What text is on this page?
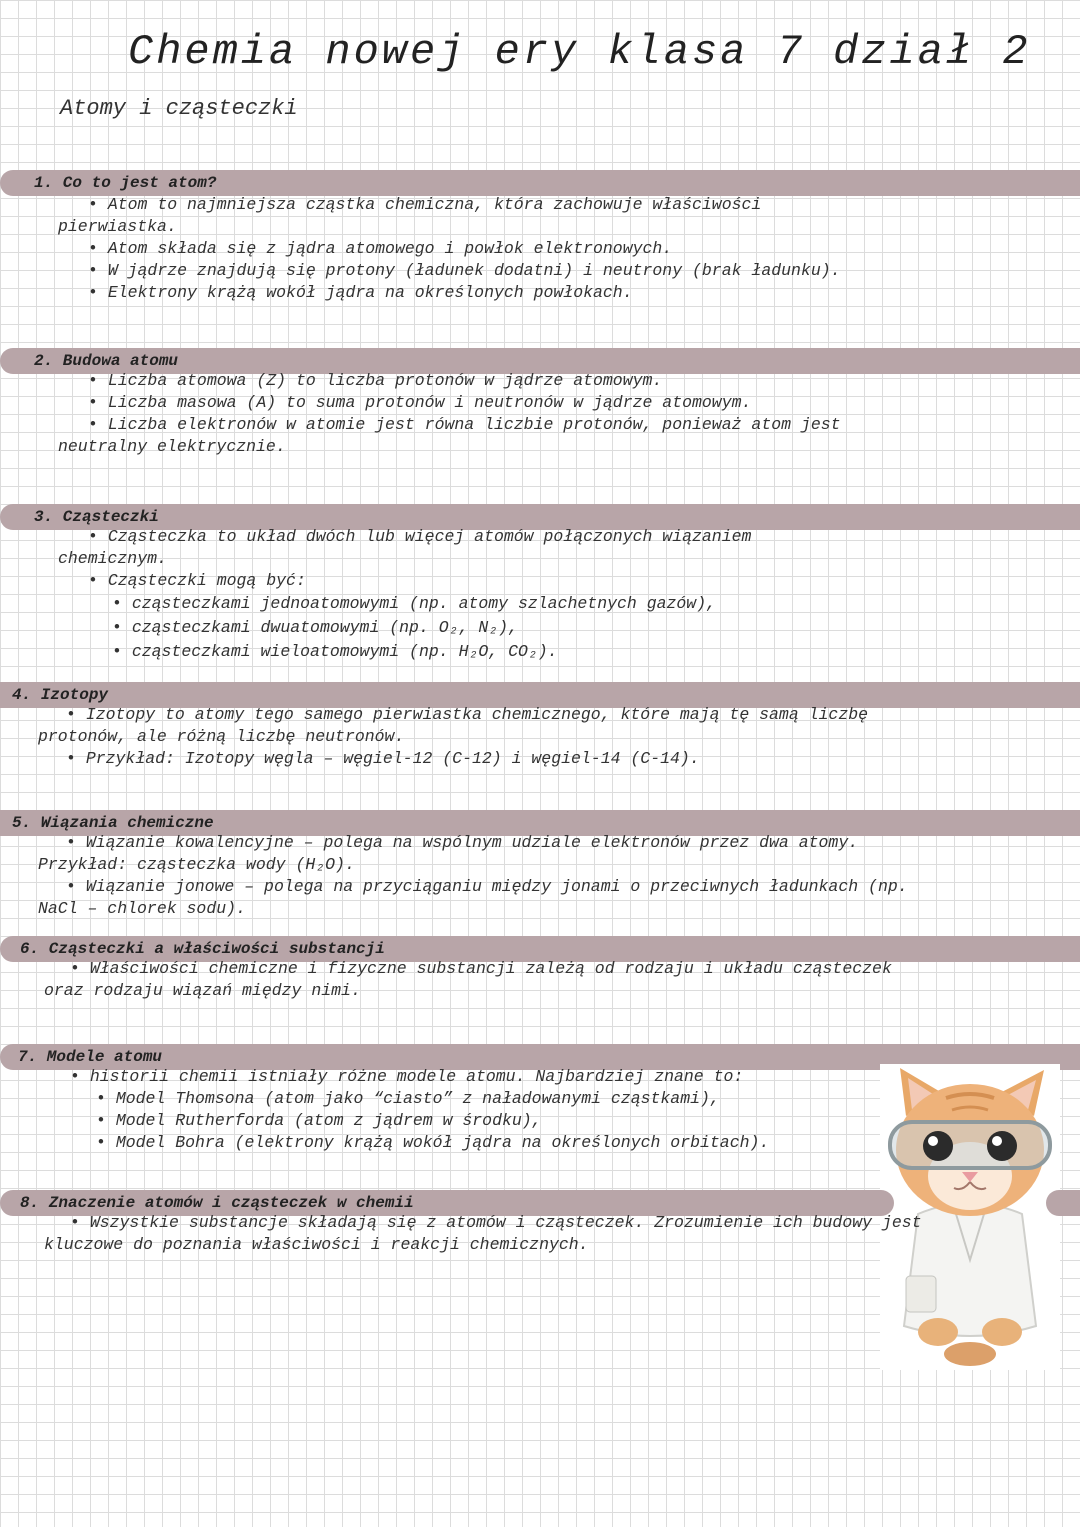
Chemia nowej ery klasa 7 dział 2
Atomy i cząsteczki
1. Co to jest atom?
• Atom to najmniejsza cząstka chemiczna, która zachowuje właściwości
pierwiastka.
• Atom składa się z jądra atomowego i powłok elektronowych.
• W jądrze znajdują się protony (ładunek dodatni) i neutrony (brak ładunku).
• Elektrony krążą wokół jądra na określonych powłokach.
2. Budowa atomu
• Liczba atomowa (Z) to liczba protonów w jądrze atomowym.
• Liczba masowa (A) to suma protonów i neutronów w jądrze atomowym.
• Liczba elektronów w atomie jest równa liczbie protonów, ponieważ atom jest
neutralny elektrycznie.
3. Cząsteczki
• Cząsteczka to układ dwóch lub więcej atomów połączonych wiązaniem
chemicznym.
• Cząsteczki mogą być:
• cząsteczkami jednoatomowymi (np. atomy szlachetnych gazów),
• cząsteczkami dwuatomowymi (np. O₂, N₂),
• cząsteczkami wieloatomowymi (np. H₂O, CO₂).
4. Izotopy
• Izotopy to atomy tego samego pierwiastka chemicznego, które mają tę samą liczbę
protonów, ale różną liczbę neutronów.
• Przykład: Izotopy węgla – węgiel-12 (C-12) i węgiel-14 (C-14).
5. Wiązania chemiczne
• Wiązanie kowalencyjne – polega na wspólnym udziale elektronów przez dwa atomy.
Przykład: cząsteczka wody (H₂O).
• Wiązanie jonowe – polega na przyciąganiu między jonami o przeciwnych ładunkach (np.
NaCl – chlorek sodu).
6. Cząsteczki a właściwości substancji
• Właściwości chemiczne i fizyczne substancji zależą od rodzaju i układu cząsteczek
oraz rodzaju wiązań między nimi.
7. Modele atomu
• historii chemii istniały różne modele atomu. Najbardziej znane to:
• Model Thomsona (atom jako “ciasto” z naładowanymi cząstkami),
• Model Rutherforda (atom z jądrem w środku),
• Model Bohra (elektrony krążą wokół jądra na określonych orbitach).
8. Znaczenie atomów i cząsteczek w chemii
• Wszystkie substancje składają się z atomów i cząsteczek. Zrozumienie ich budowy jest
kluczowe do poznania właściwości i reakcji chemicznych.
